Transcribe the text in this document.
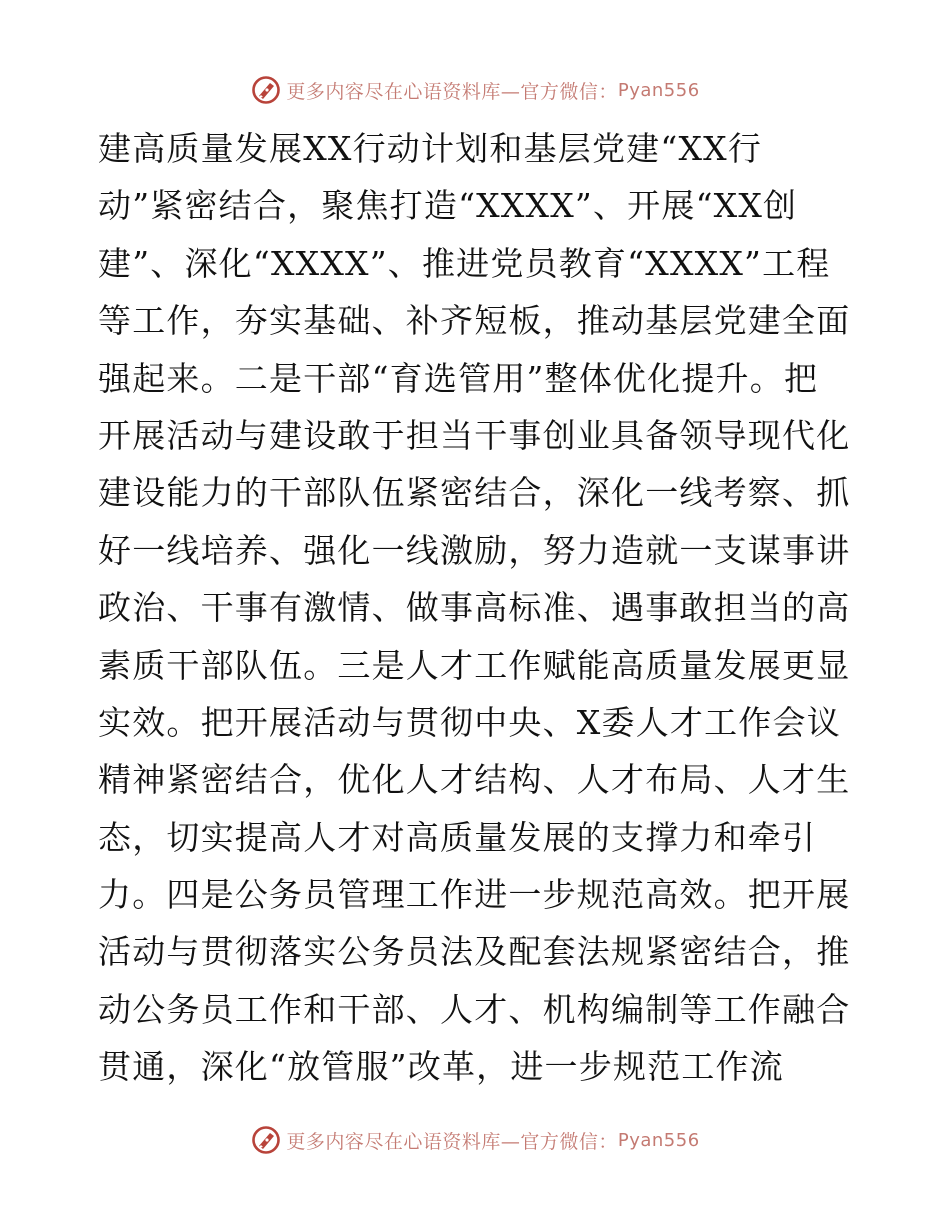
更多内容尽在心语资料库—官方微信： Pyan556
建高质量发展XX行动计划和基层党建“XX行
动”紧密结合，聚焦打造“XXXX”、开展“XX创
建”、深化“XXXX”、推进党员教育“XXXX”工程
等工作，夯实基础、补齐短板，推动基层党建全面
强起来。二是干部“育选管用”整体优化提升。把
开展活动与建设敢于担当干事创业具备领导现代化
建设能力的干部队伍紧密结合，深化一线考察、抓
好一线培养、强化一线激励，努力造就一支谋事讲
政治、干事有激情、做事高标准、遇事敢担当的高
素质干部队伍。三是人才工作赋能高质量发展更显
实效。把开展活动与贯彻中央、X委人才工作会议
精神紧密结合，优化人才结构、人才布局、人才生
态，切实提高人才对高质量发展的支撑力和牵引
力。四是公务员管理工作进一步规范高效。把开展
活动与贯彻落实公务员法及配套法规紧密结合，推
动公务员工作和干部、人才、机构编制等工作融合
贯通，深化“放管服”改革，进一步规范工作流
更多内容尽在心语资料库—官方微信： Pyan556
